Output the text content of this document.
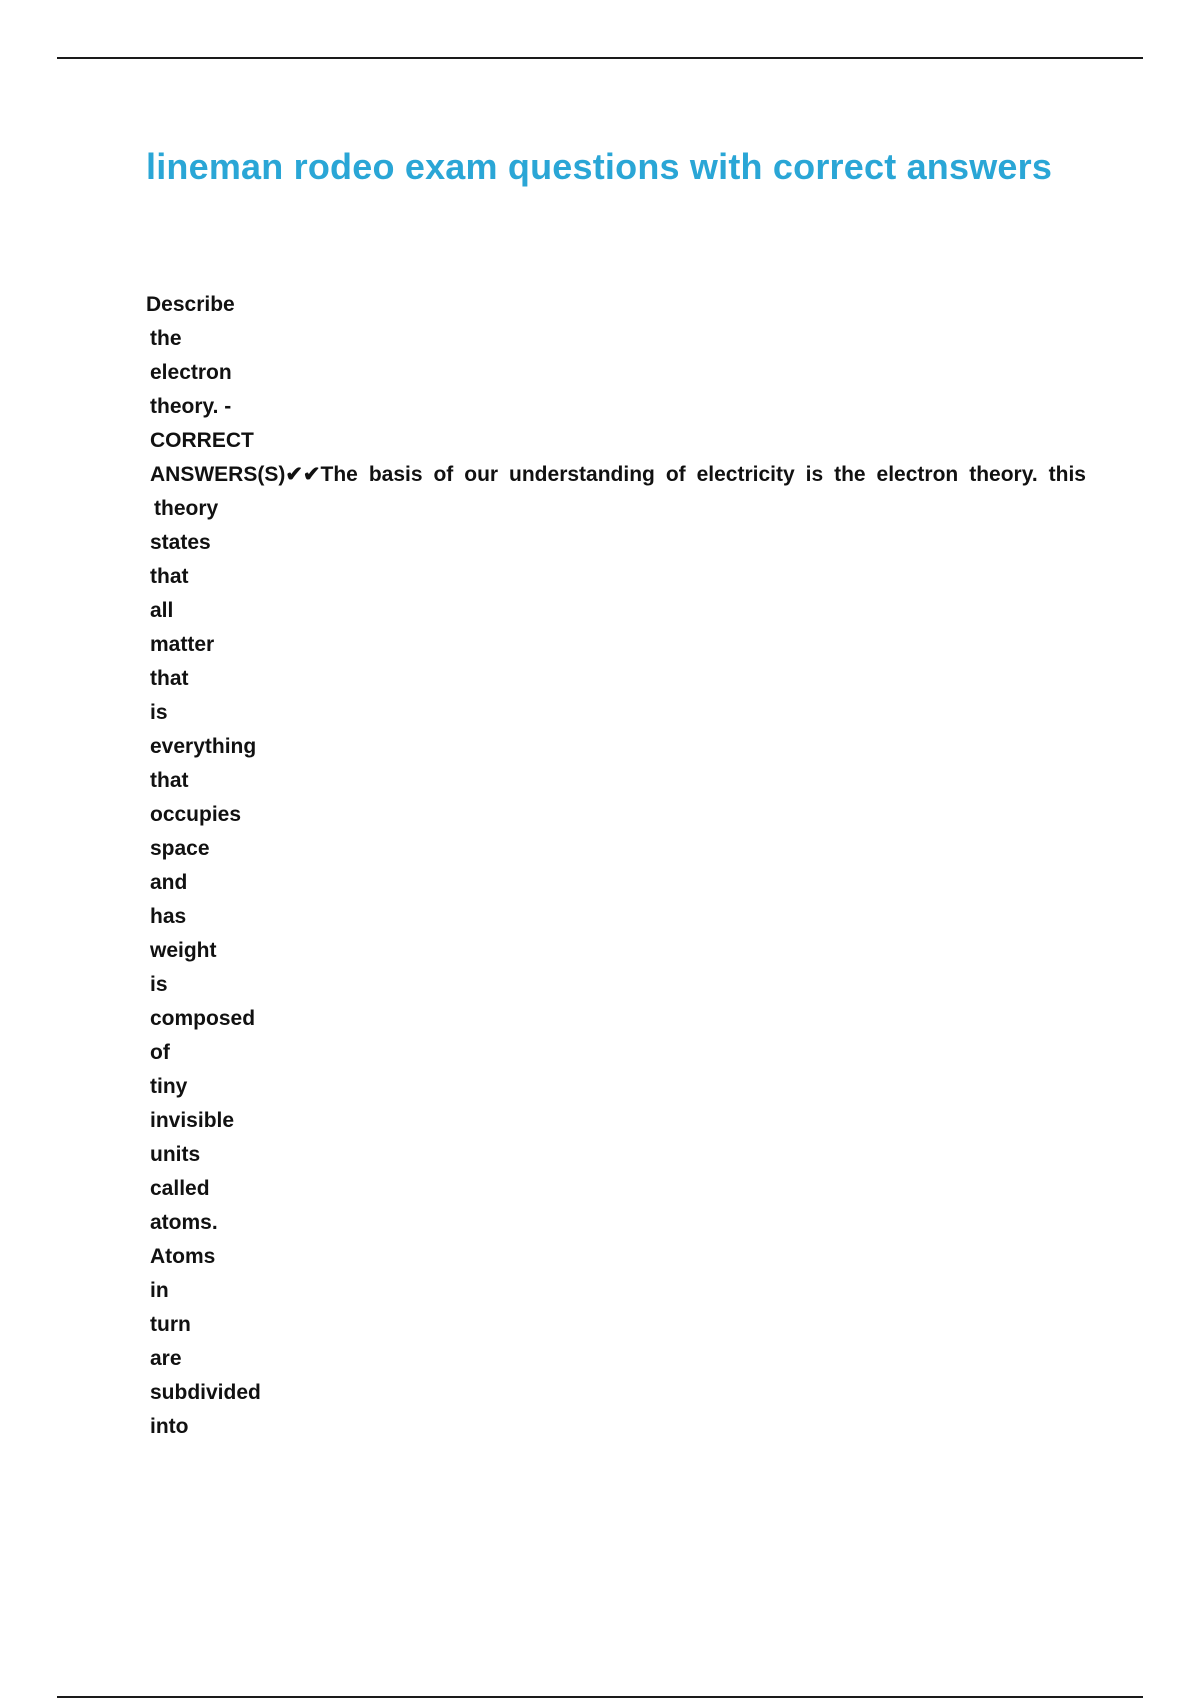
lineman rodeo exam questions with correct answers
Describe
the
electron
theory. -
CORRECT
ANSWERS(S)✔✔The basis of our understanding of electricity is the electron theory. this
theory
states
that
all
matter
that
is
everything
that
occupies
space
and
has
weight
is
composed
of
tiny
invisible
units
called
atoms.
Atoms
in
turn
are
subdivided
into
